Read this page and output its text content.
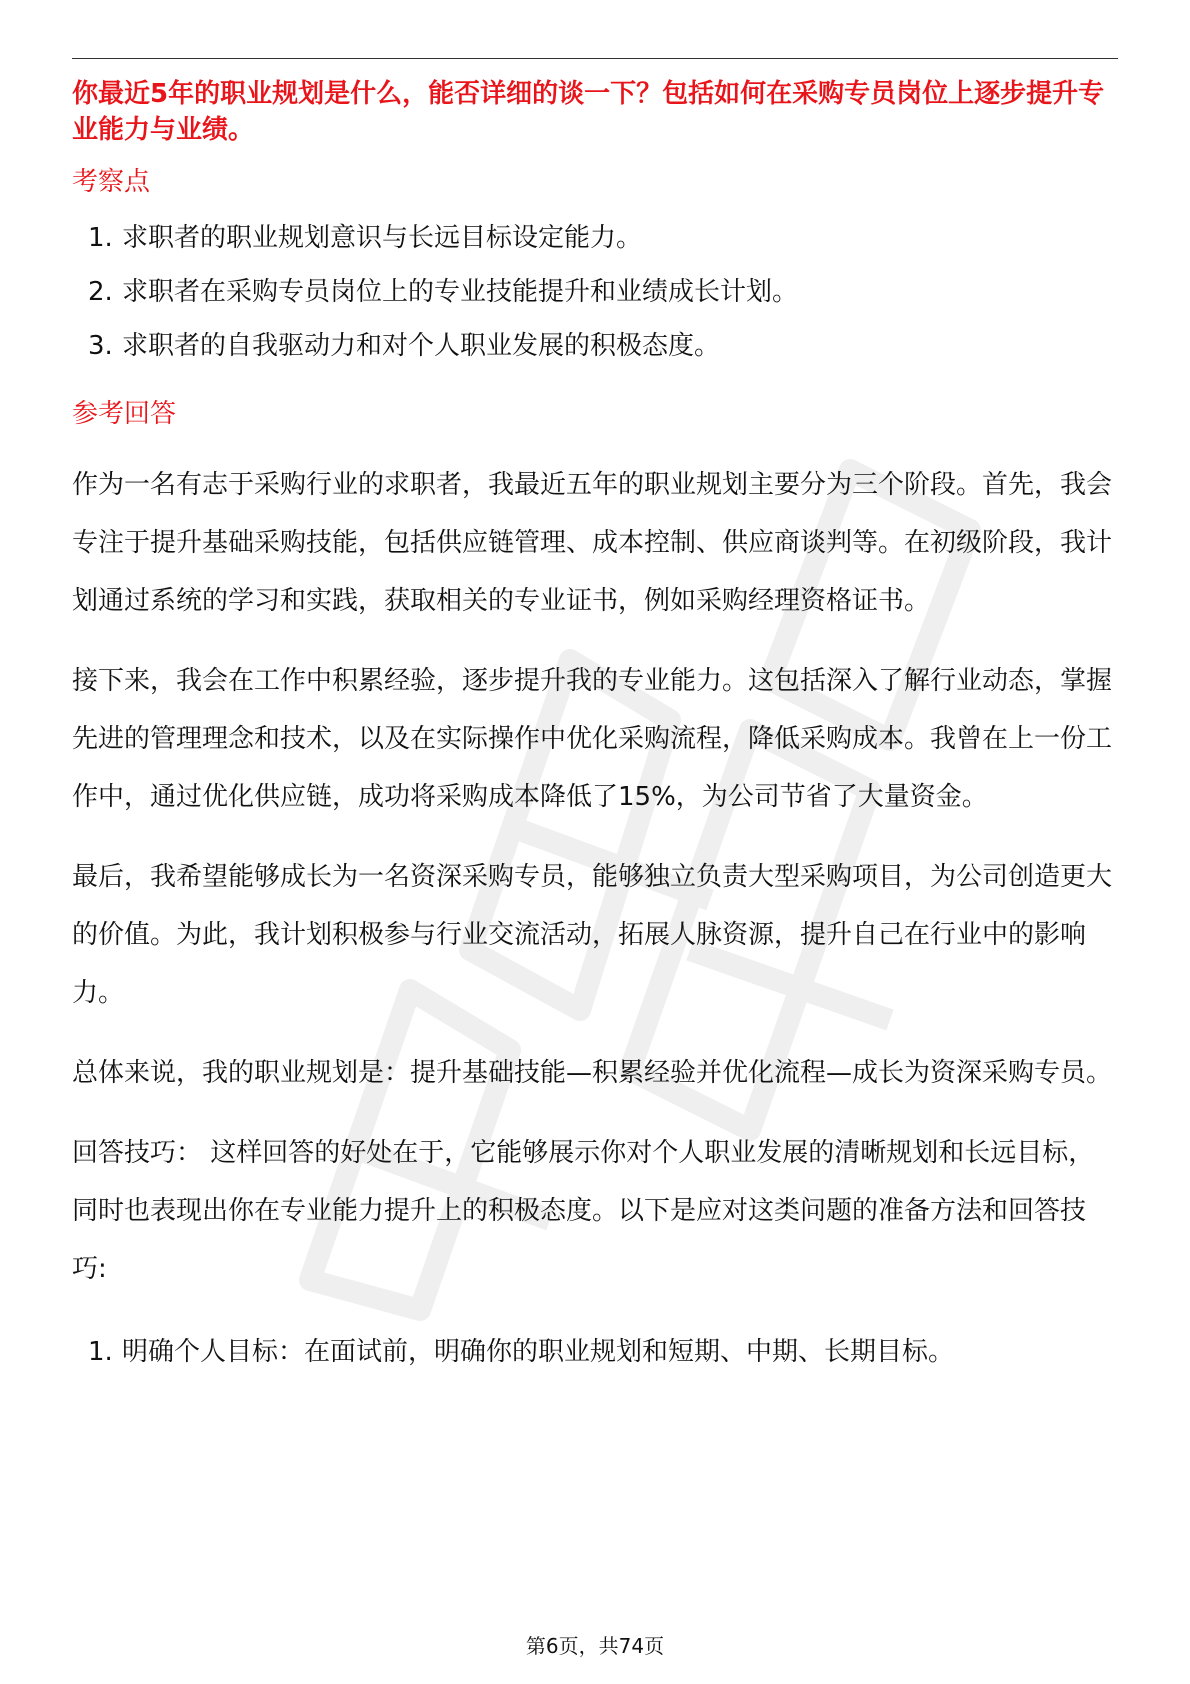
你最近5年的职业规划是什么，能否详细的谈一下？包括如何在采购专员岗位上逐步提升专业能力与业绩。

考察点

1. 求职者的职业规划意识与长远目标设定能力。
2. 求职者在采购专员岗位上的专业技能提升和业绩成长计划。
3. 求职者的自我驱动力和对个人职业发展的积极态度。

参考回答

作为一名有志于采购行业的求职者，我最近五年的职业规划主要分为三个阶段。首先，我会专注于提升基础采购技能，包括供应链管理、成本控制、供应商谈判等。在初级阶段，我计划通过系统的学习和实践，获取相关的专业证书，例如采购经理资格证书。

接下来，我会在工作中积累经验，逐步提升我的专业能力。这包括深入了解行业动态，掌握先进的管理理念和技术，以及在实际操作中优化采购流程，降低采购成本。我曾在上一份工作中，通过优化供应链，成功将采购成本降低了15%，为公司节省了大量资金。

最后，我希望能够成长为一名资深采购专员，能够独立负责大型采购项目，为公司创造更大的价值。为此，我计划积极参与行业交流活动，拓展人脉资源，提升自己在行业中的影响力。

总体来说，我的职业规划是：提升基础技能—积累经验并优化流程—成长为资深采购专员。

回答技巧： 这样回答的好处在于，它能够展示你对个人职业发展的清晰规划和长远目标，同时也表现出你在专业能力提升上的积极态度。以下是应对这类问题的准备方法和回答技巧:

1. 明确个人目标：在面试前，明确你的职业规划和短期、中期、长期目标。
第6页，共74页
